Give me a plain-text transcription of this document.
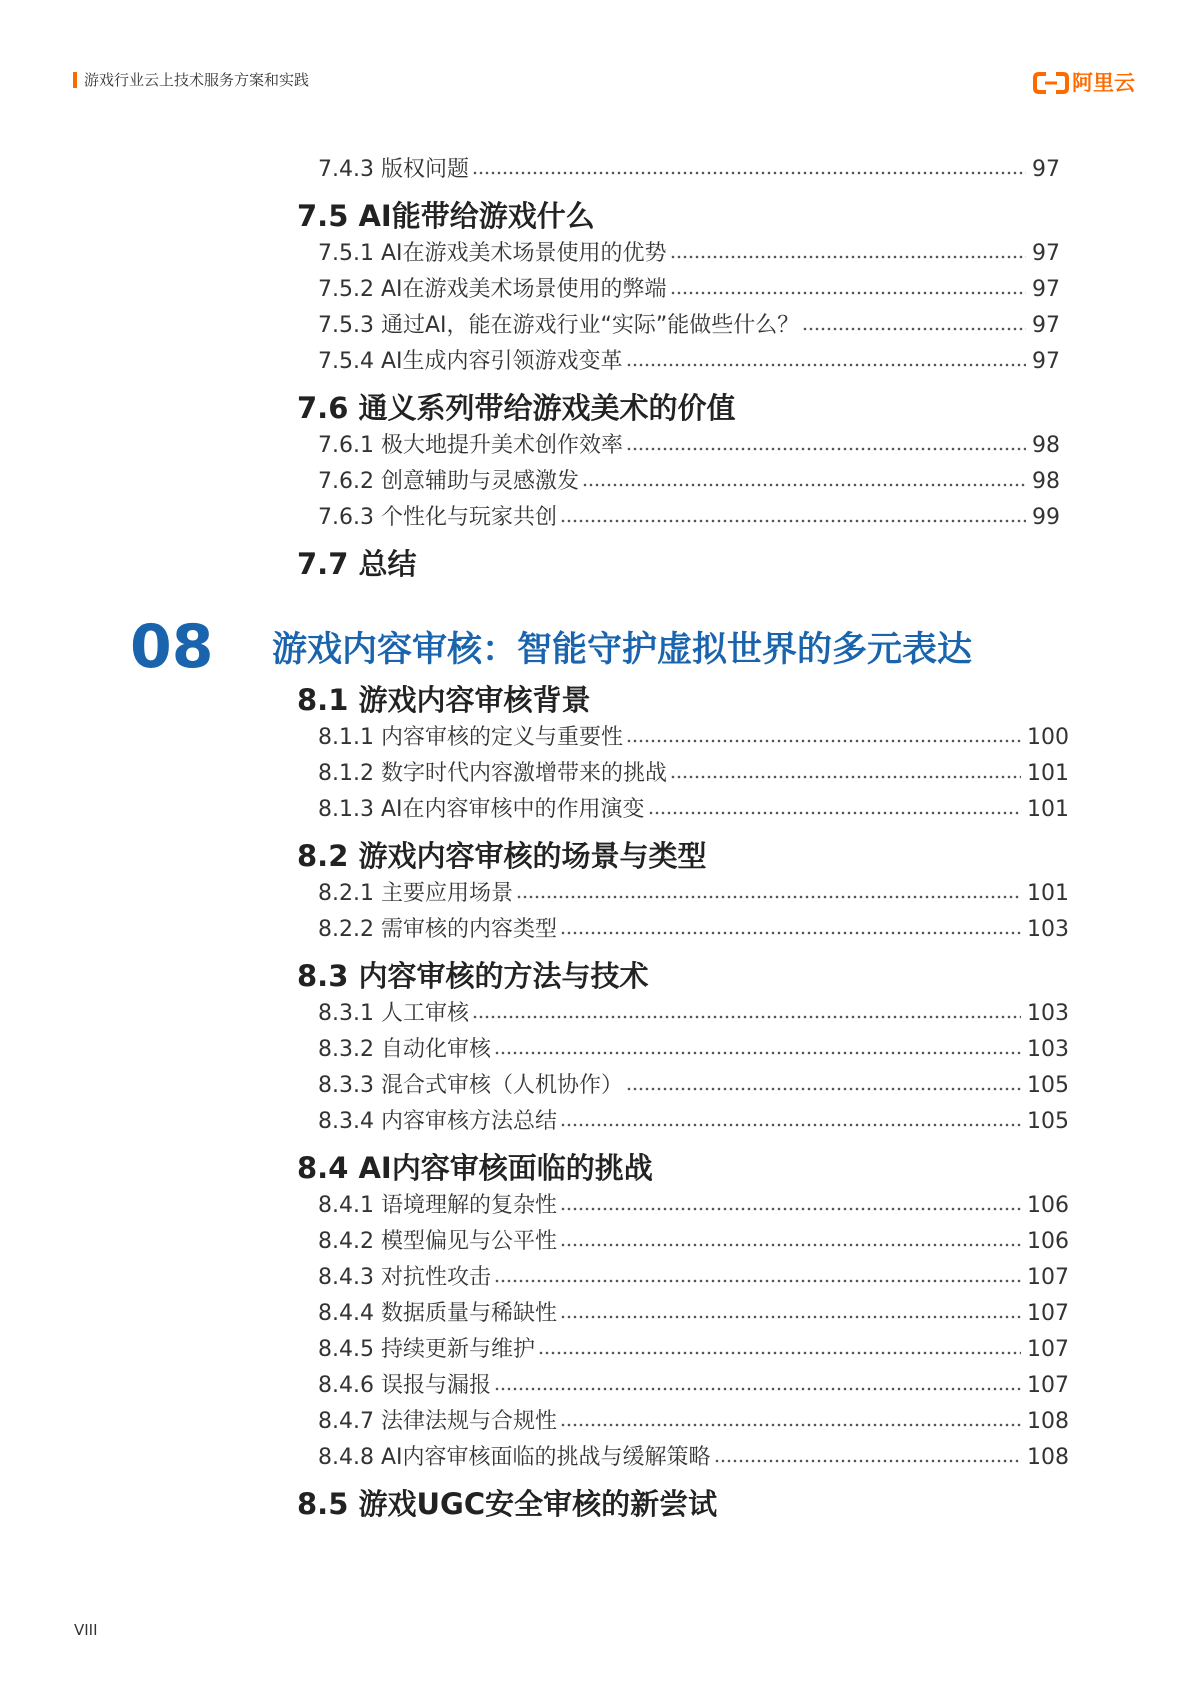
游戏行业云上技术服务方案和实践	阿里云
7.4.3 版权问题	97
7.5 AI能带给游戏什么
7.5.1 AI在游戏美术场景使用的优势	97
7.5.2 AI在游戏美术场景使用的弊端	97
7.5.3 通过AI，能在游戏行业“实际”能做些什么？	97
7.5.4 AI生成内容引领游戏变革	97
7.6 通义系列带给游戏美术的价值
7.6.1 极大地提升美术创作效率	98
7.6.2 创意辅助与灵感激发	98
7.6.3 个性化与玩家共创	99
7.7 总结
08 游戏内容审核：智能守护虚拟世界的多元表达
8.1 游戏内容审核背景
8.1.1 内容审核的定义与重要性	100
8.1.2 数字时代内容激增带来的挑战	101
8.1.3 AI在内容审核中的作用演变	101
8.2 游戏内容审核的场景与类型
8.2.1 主要应用场景	101
8.2.2 需审核的内容类型	103
8.3 内容审核的方法与技术
8.3.1 人工审核	103
8.3.2 自动化审核	103
8.3.3 混合式审核（人机协作）	105
8.3.4 内容审核方法总结	105
8.4 AI内容审核面临的挑战
8.4.1 语境理解的复杂性	106
8.4.2 模型偏见与公平性	106
8.4.3 对抗性攻击	107
8.4.4 数据质量与稀缺性	107
8.4.5 持续更新与维护	107
8.4.6 误报与漏报	107
8.4.7 法律法规与合规性	108
8.4.8 AI内容审核面临的挑战与缓解策略	108
8.5 游戏UGC安全审核的新尝试
VIII
